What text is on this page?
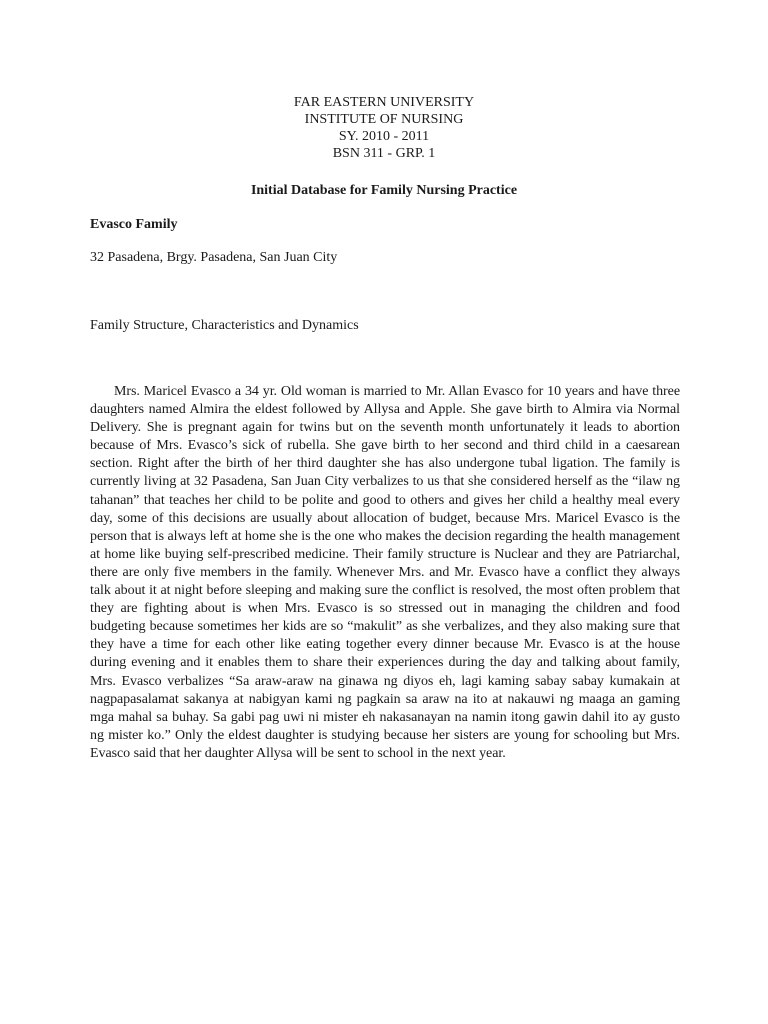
FAR EASTERN UNIVERSITY
INSTITUTE OF NURSING
SY. 2010 - 2011
BSN 311 - GRP. 1
Initial Database for Family Nursing Practice
Evasco Family
32 Pasadena, Brgy. Pasadena, San Juan City
Family Structure, Characteristics and Dynamics

Mrs. Maricel Evasco a 34 yr. Old woman is married to Mr. Allan Evasco for 10 years and have three daughters named Almira the eldest followed by Allysa and Apple. She gave birth to Almira via Normal Delivery. She is pregnant again for twins but on the seventh month unfortunately it leads to abortion because of Mrs. Evasco’s sick of rubella. She gave birth to her second and third child in a caesarean section. Right after the birth of her third daughter she has also undergone tubal ligation. The family is currently living at 32 Pasadena, San Juan City verbalizes to us that she considered herself as the “ilaw ng tahanan” that teaches her child to be polite and good to others and gives her child a healthy meal every day, some of this decisions are usually about allocation of budget, because Mrs. Maricel Evasco is the person that is always left at home she is the one who makes the decision regarding the health management at home like buying self-prescribed medicine. Their family structure is Nuclear and they are Patriarchal, there are only five members in the family. Whenever Mrs. and Mr. Evasco have a conflict they always talk about it at night before sleeping and making sure the conflict is resolved, the most often problem that they are fighting about is when Mrs. Evasco is so stressed out in managing the children and food budgeting because sometimes her kids are so “makulit” as she verbalizes, and they also making sure that they have a time for each other like eating together every dinner because Mr. Evasco is at the house during evening and it enables them to share their experiences during the day and talking about family, Mrs. Evasco verbalizes “Sa araw-araw na ginawa ng diyos eh, lagi kaming sabay sabay kumakain at nagpapasalamat sakanya at nabigyan kami ng pagkain sa araw na ito at nakauwi ng maaga an gaming mga mahal sa buhay. Sa gabi pag uwi ni mister eh nakasanayan na namin itong gawin dahil ito ay gusto ng mister ko.” Only the eldest daughter is studying because her sisters are young for schooling but Mrs. Evasco said that her daughter Allysa will be sent to school in the next year.
